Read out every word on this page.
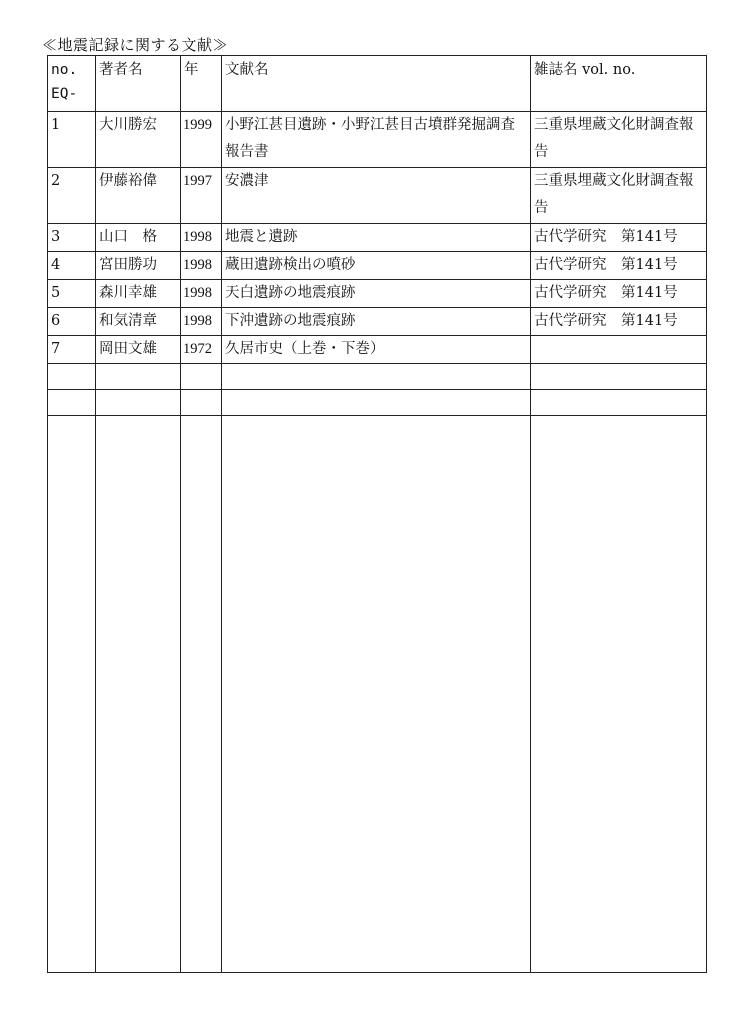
≪地震記録に関する文献≫
no.
EQ-	著者名	年	文献名	雑誌名 vol. no.
1	大川勝宏	1999	小野江甚目遺跡・小野江甚目古墳群発掘調査報告書	三重県埋蔵文化財調査報告
2	伊藤裕偉	1997	安濃津	三重県埋蔵文化財調査報告
3	山口　格	1998	地震と遺跡	古代学研究　第141号
4	宮田勝功	1998	蔵田遺跡検出の噴砂	古代学研究　第141号
5	森川幸雄	1998	天白遺跡の地震痕跡	古代学研究　第141号
6	和気清章	1998	下沖遺跡の地震痕跡	古代学研究　第141号
7	岡田文雄	1972	久居市史（上巻・下巻）	
